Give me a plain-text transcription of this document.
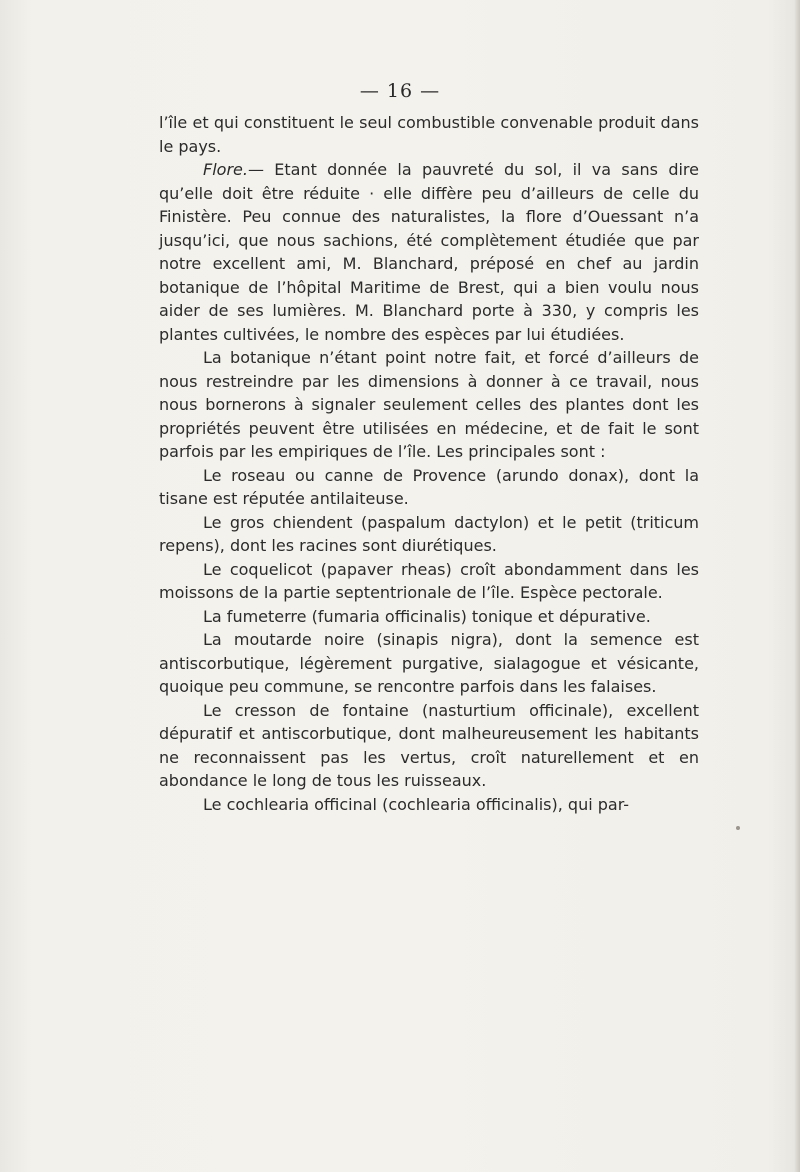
— 16 —

l’île et qui constituent le seul combustible convenable produit dans le pays.

Flore.— Etant donnée la pauvreté du sol, il va sans dire qu’elle doit être réduite · elle diffère peu d’ailleurs de celle du Finistère. Peu connue des naturalistes, la flore d’Ouessant n’a jusqu’ici, que nous sachions, été complètement étudiée que par notre excellent ami, M. Blanchard, préposé en chef au jardin botanique de l’hôpital Maritime de Brest, qui a bien voulu nous aider de ses lumières. M. Blanchard porte à 330, y compris les plantes cultivées, le nombre des espèces par lui étudiées.

La botanique n’étant point notre fait, et forcé d’ailleurs de nous restreindre par les dimensions à donner à ce travail, nous nous bornerons à signaler seulement celles des plantes dont les propriétés peuvent être utilisées en médecine, et de fait le sont parfois par les empiriques de l’île. Les principales sont :

Le roseau ou canne de Provence (arundo donax), dont la tisane est réputée antilaiteuse.

Le gros chiendent (paspalum dactylon) et le petit (triticum repens), dont les racines sont diurétiques.

Le coquelicot (papaver rheas) croît abondamment dans les moissons de la partie septentrionale de l’île. Espèce pectorale.

La fumeterre (fumaria officinalis) tonique et dépurative.

La moutarde noire (sinapis nigra), dont la semence est antiscorbutique, légèrement purgative, sialagogue et vésicante, quoique peu commune, se rencontre parfois dans les falaises.

Le cresson de fontaine (nasturtium officinale), excellent dépuratif et antiscorbutique, dont malheureusement les habitants ne reconnaissent pas les vertus, croît naturellement et en abondance le long de tous les ruisseaux.

Le cochlearia officinal (cochlearia officinalis), qui par-
